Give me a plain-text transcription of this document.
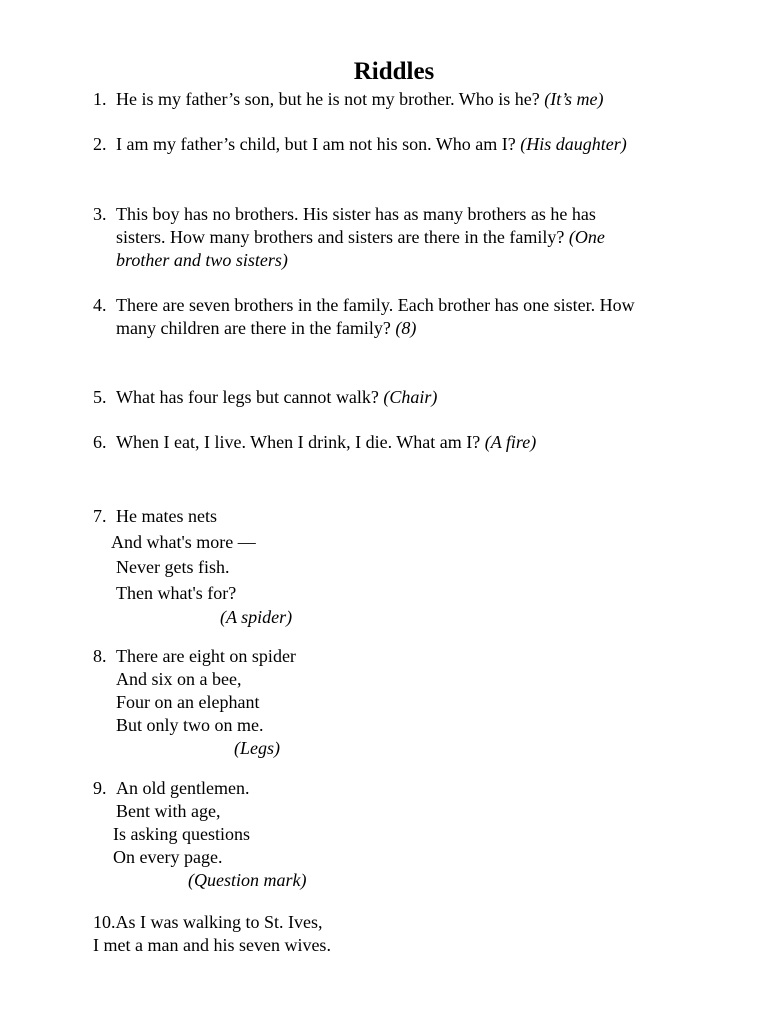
Riddles
1. He is my father’s son, but he is not my brother. Who is he? (It’s me)
2. I am my father’s child, but I am not his son. Who am I? (His daughter)
3. This boy has no brothers. His sister has as many brothers as he has
sisters. How many brothers and sisters are there in the family? (One
brother and two sisters)
4. There are seven brothers in the family. Each brother has one sister. How
many children are there in the family? (8)
5. What has four legs but cannot walk? (Chair)
6. When I eat, I live. When I drink, I die. What am I? (A fire)
7. He mates nets
And what's more —
Never gets fish.
Then what's for?
(A spider)
8. There are eight on spider
And six on a bee,
Four on an elephant
But only two on me.
(Legs)
9. An old gentlemen.
Bent with age,
Is asking questions
On every page.
(Question mark)
10.As I was walking to St. Ives,
I met a man and his seven wives.
